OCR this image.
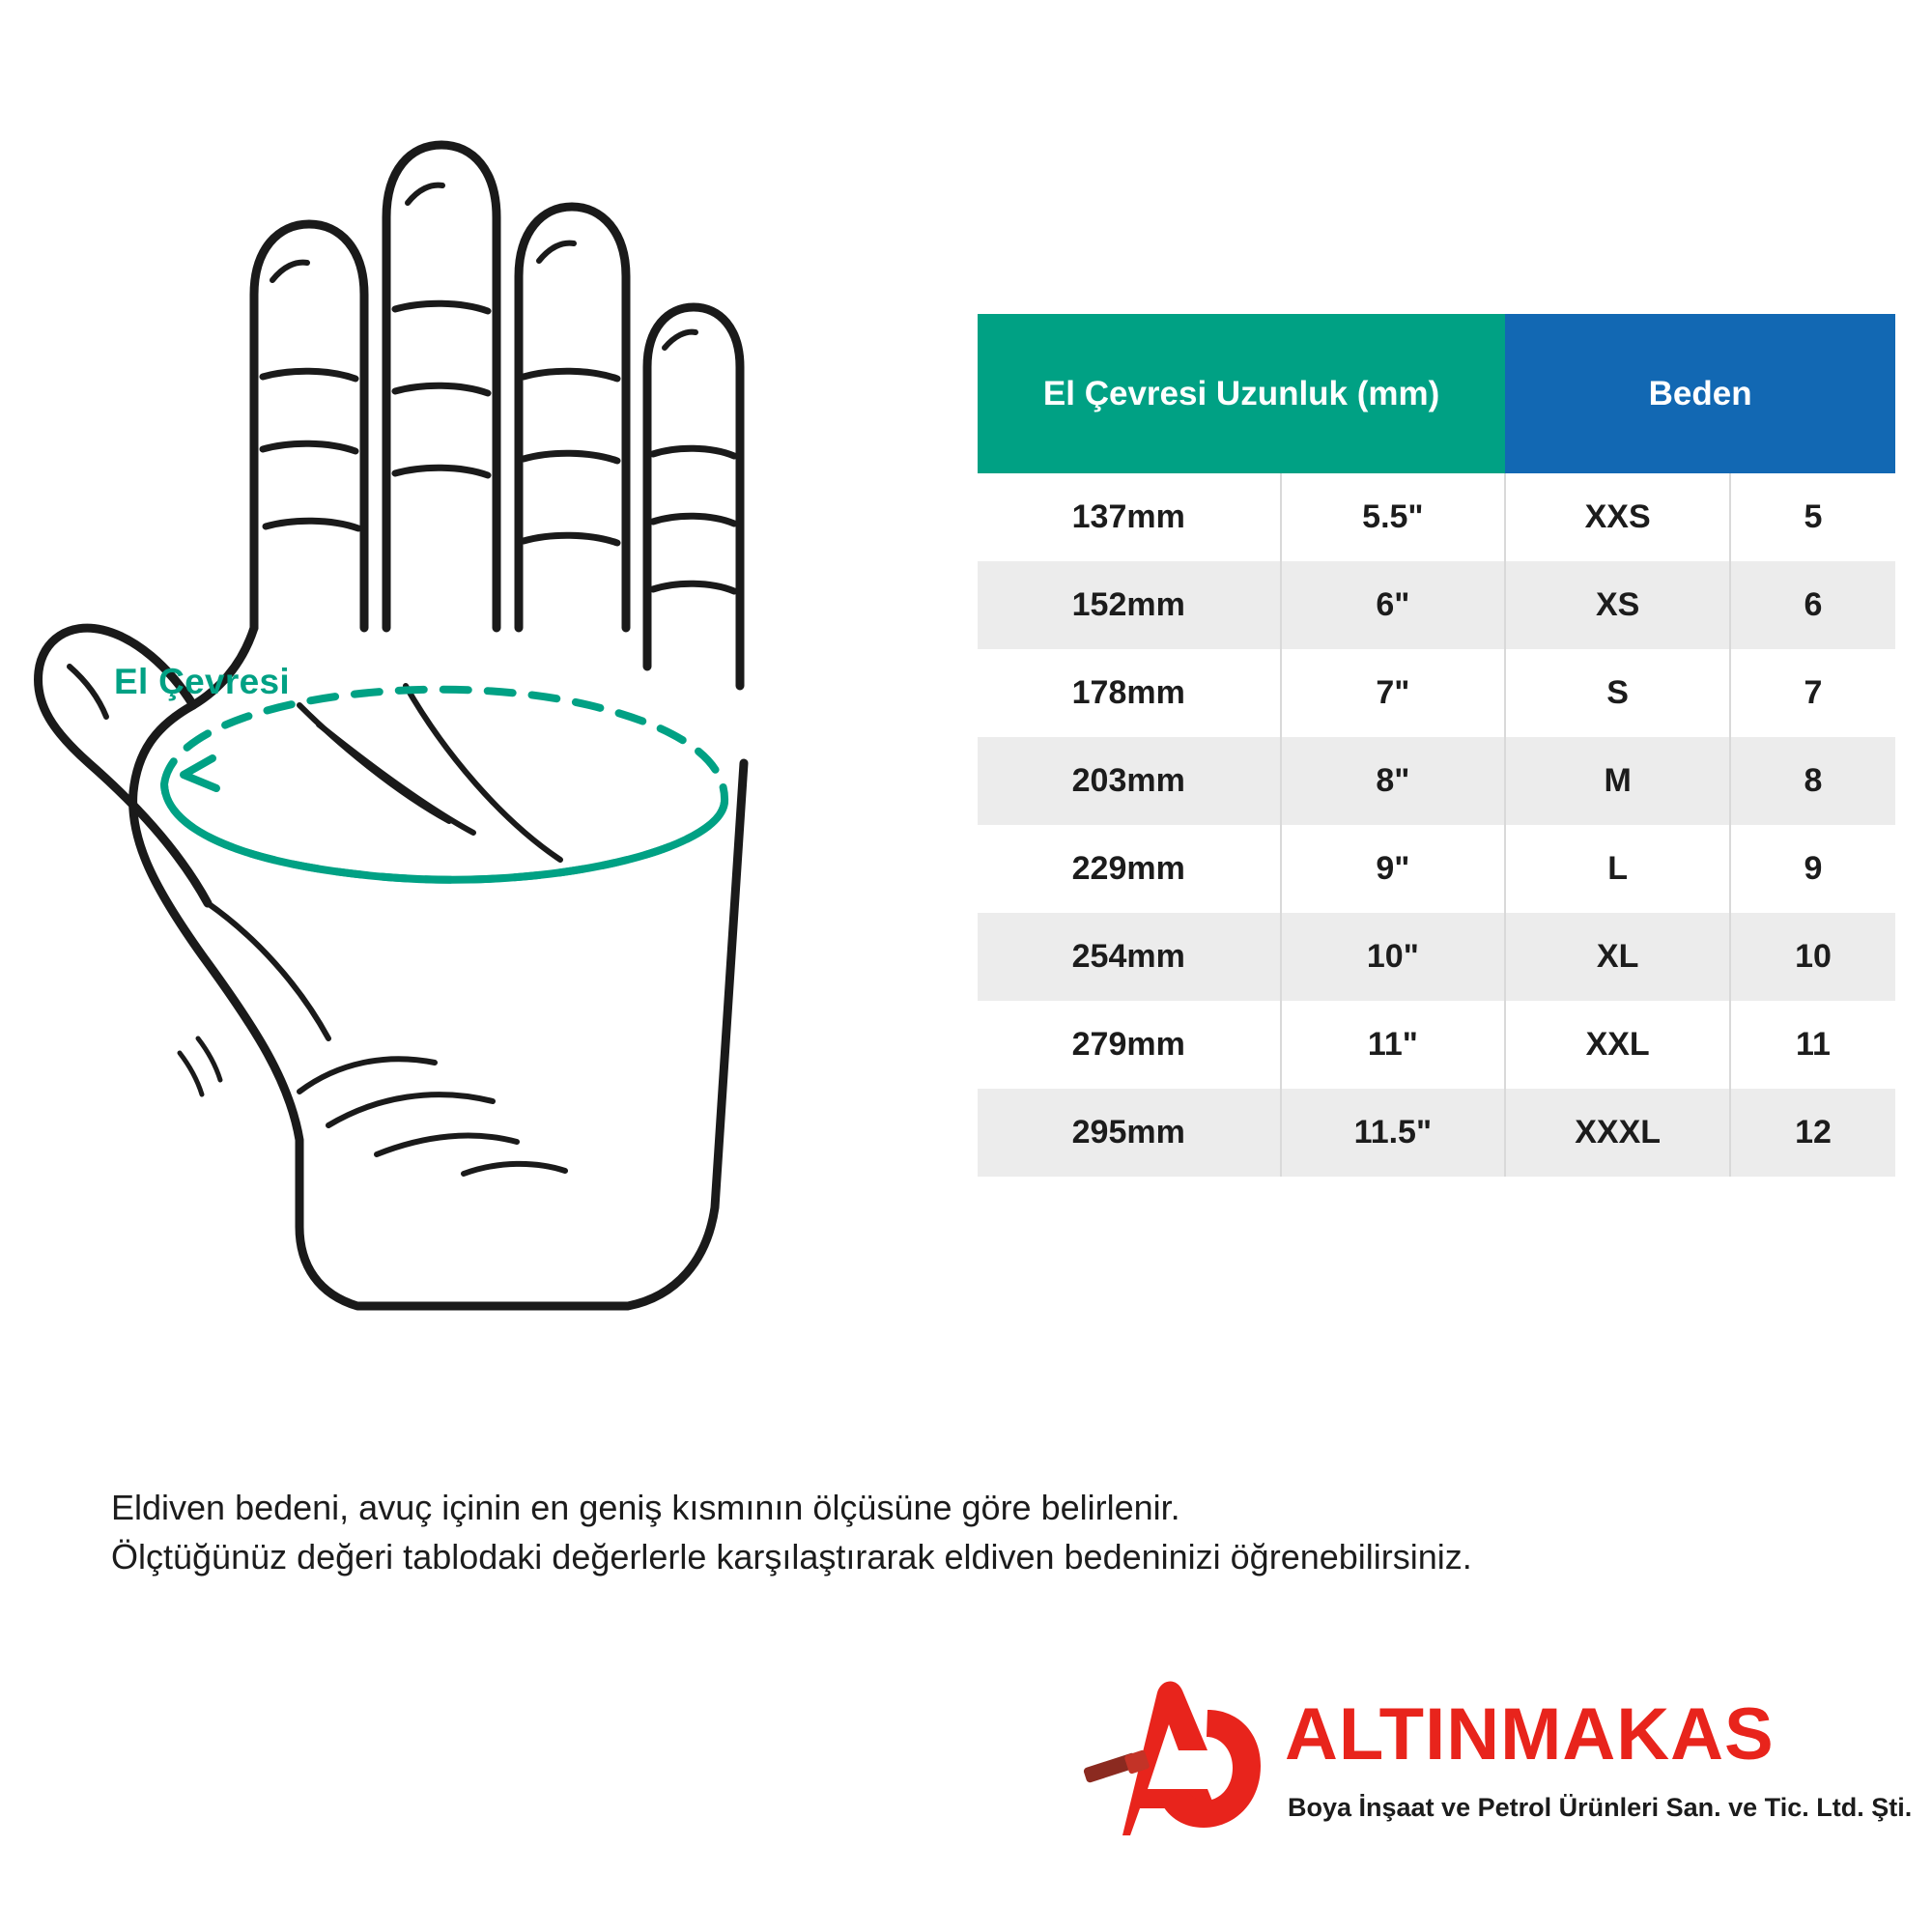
El Çevresi
El Çevresi Uzunluk (mm)		Beden	
137mm	5.5"	XXS	5
152mm	6"	XS	6
178mm	7"	S	7
203mm	8"	M	8
229mm	9"	L	9
254mm	10"	XL	10
279mm	11"	XXL	11
295mm	11.5"	XXXL	12
Eldiven bedeni, avuç içinin en geniş kısmının ölçüsüne göre belirlenir.
Ölçtüğünüz değeri tablodaki değerlerle karşılaştırarak eldiven bedeninizi öğrenebilirsiniz.
ALTINMAKAS
Boya İnşaat ve Petrol Ürünleri San. ve Tic. Ltd. Şti.
